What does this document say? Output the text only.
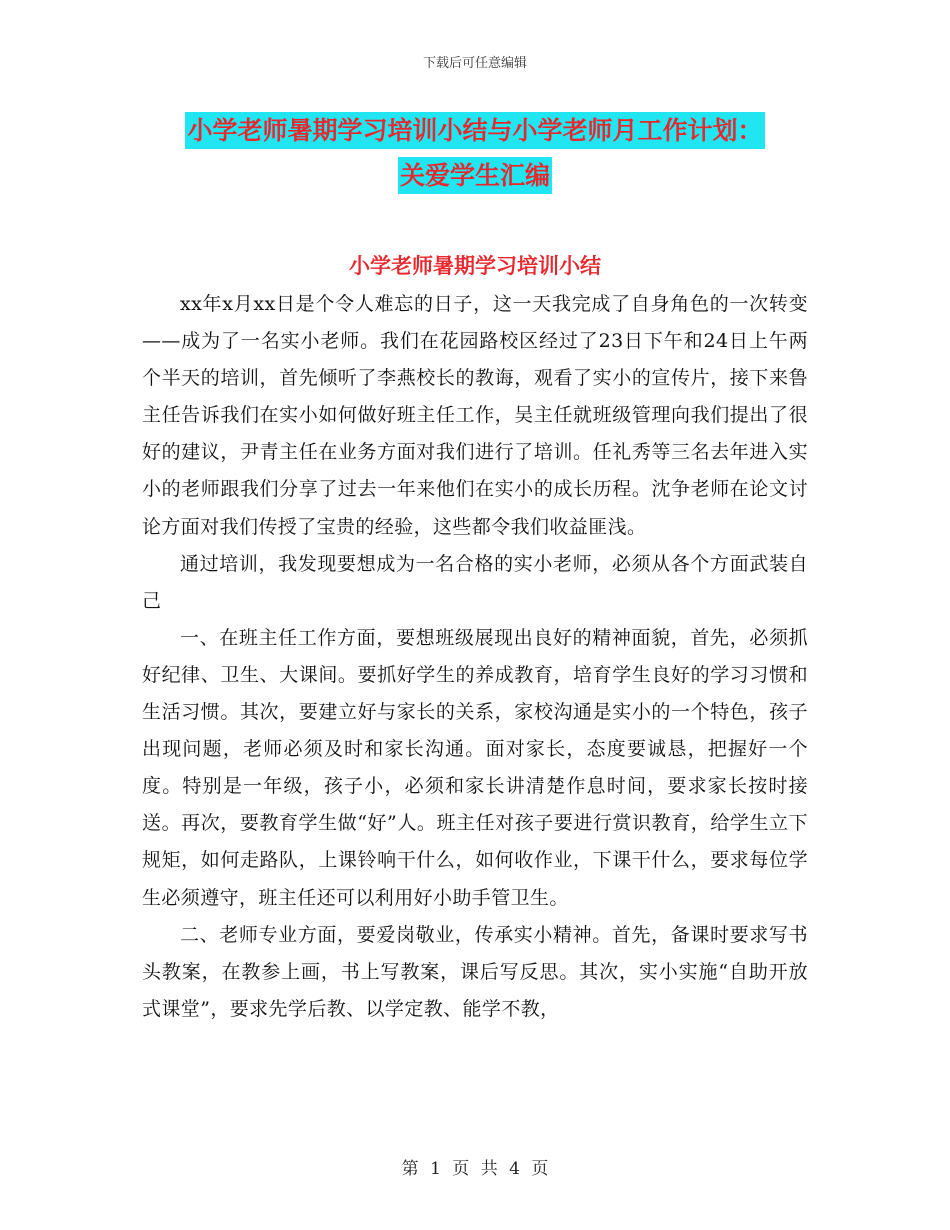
下载后可任意编辑
小学老师暑期学习培训小结与小学老师月工作计划：
关爱学生汇编
小学老师暑期学习培训小结

xx年x月xx日是个令人难忘的日子，这一天我完成了自身角色的一次转变——成为了一名实小老师。我们在花园路校区经过了23日下午和24日上午两个半天的培训，首先倾听了李燕校长的教诲，观看了实小的宣传片，接下来鲁主任告诉我们在实小如何做好班主任工作，吴主任就班级管理向我们提出了很好的建议，尹青主任在业务方面对我们进行了培训。任礼秀等三名去年进入实小的老师跟我们分享了过去一年来他们在实小的成长历程。沈争老师在论文讨论方面对我们传授了宝贵的经验，这些都令我们收益匪浅。

通过培训，我发现要想成为一名合格的实小老师，必须从各个方面武装自己

一、在班主任工作方面，要想班级展现出良好的精神面貌，首先，必须抓好纪律、卫生、大课间。要抓好学生的养成教育，培育学生良好的学习习惯和生活习惯。其次，要建立好与家长的关系，家校沟通是实小的一个特色，孩子出现问题，老师必须及时和家长沟通。面对家长，态度要诚恳，把握好一个度。特别是一年级，孩子小，必须和家长讲清楚作息时间，要求家长按时接送。再次，要教育学生做“好”人。班主任对孩子要进行赏识教育，给学生立下规矩，如何走路队，上课铃响干什么，如何收作业，下课干什么，要求每位学生必须遵守，班主任还可以利用好小助手管卫生。

二、老师专业方面，要爱岗敬业，传承实小精神。首先，备课时要求写书头教案，在教参上画，书上写教案，课后写反思。其次，实小实施“自助开放式课堂”，要求先学后教、以学定教、能学不教，

第 1 页 共 4 页
